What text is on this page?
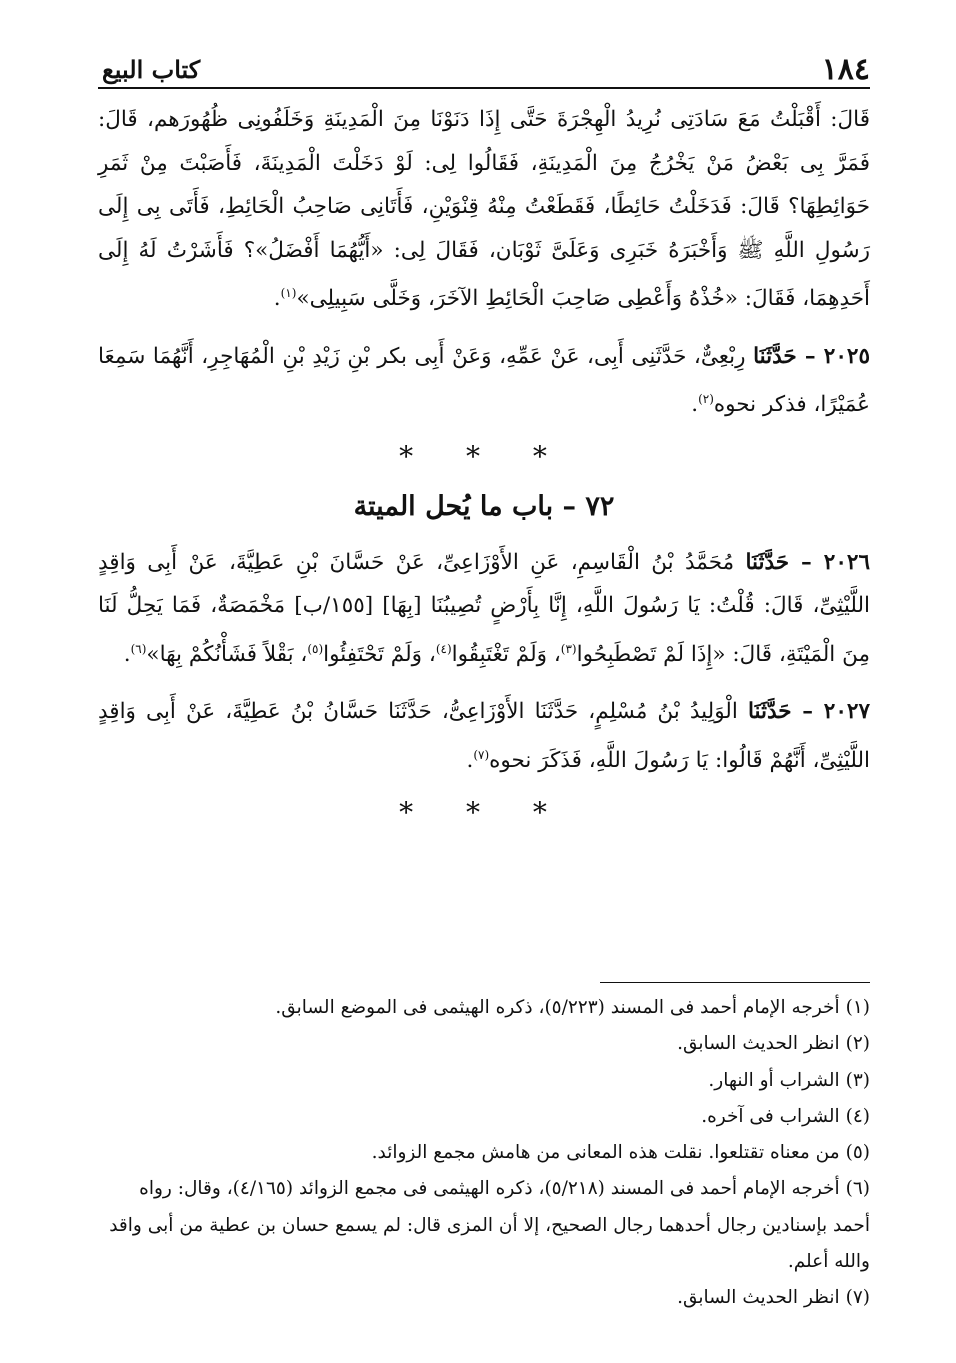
١٨٤
كتاب البيع

قَالَ: أَقْبَلْتُ مَعَ سَادَتِى نُرِيدُ الْهِجْرَةَ حَتَّى إِذَا دَنَوْنَا مِنَ الْمَدِينَةِ وَخَلَفُونِى ظُهُورَهم، قَالَ: فَمَرَّ بِى بَعْضُ مَنْ يَخْرُجُ مِنَ الْمَدِينَةِ، فَقَالُوا لِى: لَوْ دَخَلْتَ الْمَدِينَةَ، فَأَصَبْتَ مِنْ ثَمَرِ حَوَائِطِهَا؟ قَالَ: فَدَخَلْتُ حَائِطًا، فَقَطَعْتُ مِنْهُ قِنْوَيْنِ، فَأَتَانِى صَاحِبُ الْحَائِطِ، فَأَتَى بِى إِلَى رَسُولِ اللَّهِ ﷺ وَأَخْبَرَهُ خَبَرِى وَعَلَىَّ ثَوْبَان، فَقَالَ لِى: «أَيُّهُمَا أَفْضَلُ»؟ فَأَشَرْتُ لَهُ إِلَى أَحَدِهِمَا، فَقَالَ: «خُذْهُ وَأَعْطِى صَاحِبَ الْحَائِطِ الآخَرَ، وَخَلَّى سَبِيلِى»$^{(١)}$.

٢٠٢٥ – حَدَّثَنَا رِبْعِىٌّ، حَدَّثَنِى أَبِى، عَنْ عَمِّهِ، وَعَنْ أَبِى بكر بْنِ زَيْدِ بْنِ الْمُهَاجِرِ، أَنَّهُمَا سَمِعَا عُمَيْرًا، فذكر نحوه$^{(٢)}$.

* * *
٧٢ – باب ما يُحل الميتة

٢٠٢٦ – حَدَّثَنَا مُحَمَّدُ بْنُ الْقَاسِمِ، عَنِ الأَوْزَاعِىِّ، عَنْ حَسَّانَ بْنِ عَطِيَّةَ، عَنْ أَبِى وَاقِدٍ اللَّيْثِىِّ، قَالَ: قُلْتُ: يَا رَسُولَ اللَّهِ، إِنَّا بِأَرْضٍ تُصِيبُنَا [بِهَا] [١٥٥/ب] مَخْمَصَةٌ، فَمَا يَحِلُّ لَنَا مِنَ الْمَيْتَةِ، قَالَ: «إِذَا لَمْ تَصْطَبِحُوا$^{(٣)}$، وَلَمْ تَغْتَبِقُوا$^{(٤)}$، وَلَمْ تَحْتَفِئُوا$^{(٥)}$، بَقْلاً فَشَأْنُكُمْ بِهَا»$^{(٦)}$.

٢٠٢٧ – حَدَّثَنَا الْوَلِيدُ بْنُ مُسْلِمٍ، حَدَّثَنَا الأَوْزَاعِىُّ، حَدَّثَنَا حَسَّانُ بْنُ عَطِيَّةَ، عَنْ أَبِى وَاقِدٍ اللَّيْثِىِّ، أَنَّهُمْ قَالُوا: يَا رَسُولَ اللَّهِ، فَذَكَرَ نحوه$^{(٧)}$.

* * *

(١)أخرجه الإمام أحمد فى المسند (٥/٢٢٣)، ذكره الهيثمى فى الموضع السابق.

(٢)انظر الحديث السابق.

(٣)الشراب أو النهار.

(٤)الشراب فى آخره.

(٥)من معناه تقتلعوا. نقلت هذه المعانى من هامش مجمع الزوائد.

(٦)أخرجه الإمام أحمد فى المسند (٥/٢١٨)، ذكره الهيثمى فى مجمع الزوائد (٤/١٦٥)، وقال: رواه أحمد بإسنادين رجال أحدهما رجال الصحيح، إلا أن المزى قال: لم يسمع حسان بن عطية من أبى واقد والله أعلم.

(٧)انظر الحديث السابق.
